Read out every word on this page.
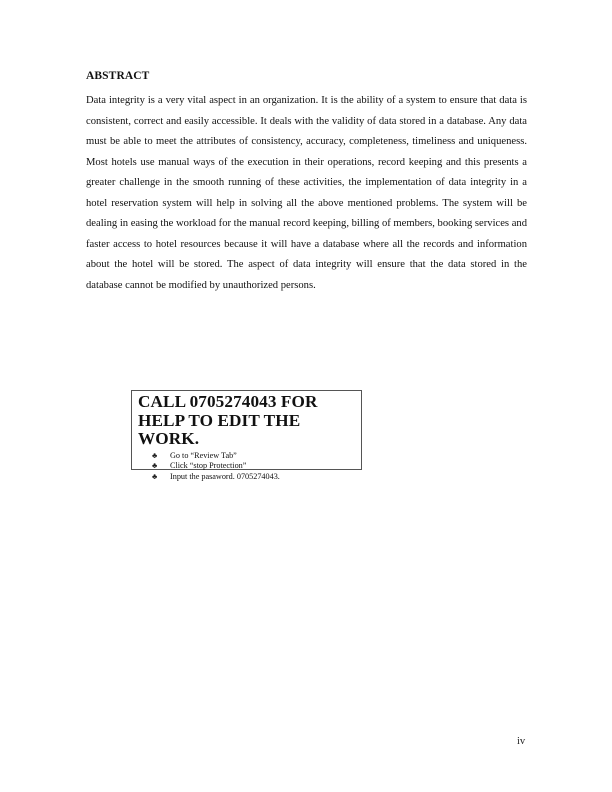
ABSTRACT

Data integrity is a very vital aspect in an organization. It is the ability of a system to ensure that data is consistent, correct and easily accessible. It deals with the validity of data stored in a database. Any data must be able to meet the attributes of consistency, accuracy, completeness, timeliness and uniqueness. Most hotels use manual ways of the execution in their operations, record keeping and this presents a greater challenge in the smooth running of these activities, the implementation of data integrity in a hotel reservation system will help in solving all the above mentioned problems. The system will be dealing in easing the workload for the manual record keeping, billing of members, booking services and faster access to hotel resources because it will have a database where all the records and information about the hotel will be stored. The aspect of data integrity will ensure that the data stored in the database cannot be modified by unauthorized persons.

CALL 0705274043 FOR HELP TO EDIT THE WORK.

♣	Go to “Review Tab”
♣	Click “stop Protection”
♣	Input the pasaword. 0705274043.
iv
